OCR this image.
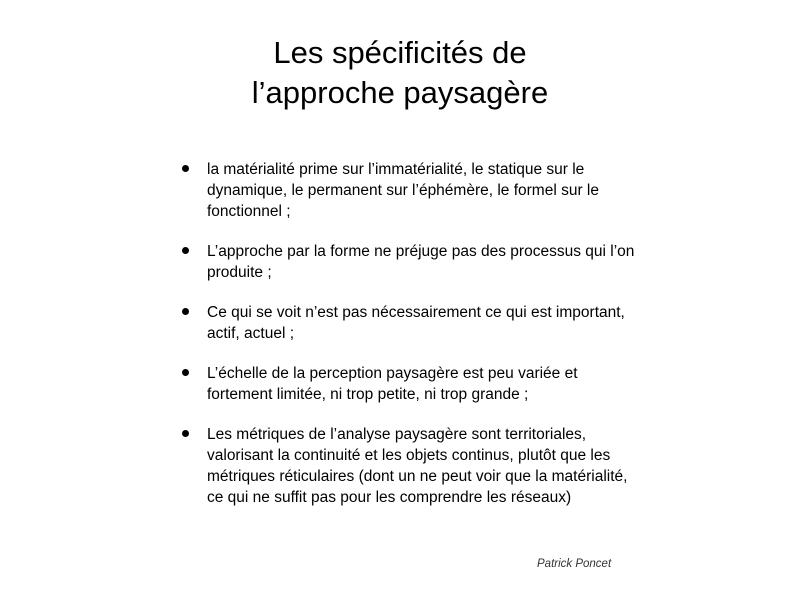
Les spécificités de
l’approche paysagère
la matérialité prime sur l’immatérialité, le statique sur le dynamique, le permanent sur l’éphémère, le formel sur le fonctionnel ;
L’approche par la forme ne préjuge pas des processus qui l’on produite ;
Ce qui se voit n’est pas nécessairement ce qui est important, actif, actuel ;
L’échelle de la perception paysagère est peu variée et fortement limitée, ni trop petite, ni trop grande ;
Les métriques de l’analyse paysagère sont territoriales, valorisant la continuité et les objets continus, plutôt que les métriques réticulaires (dont un ne peut voir que la matérialité, ce qui ne suffit pas pour les comprendre les réseaux)
Patrick Poncet
